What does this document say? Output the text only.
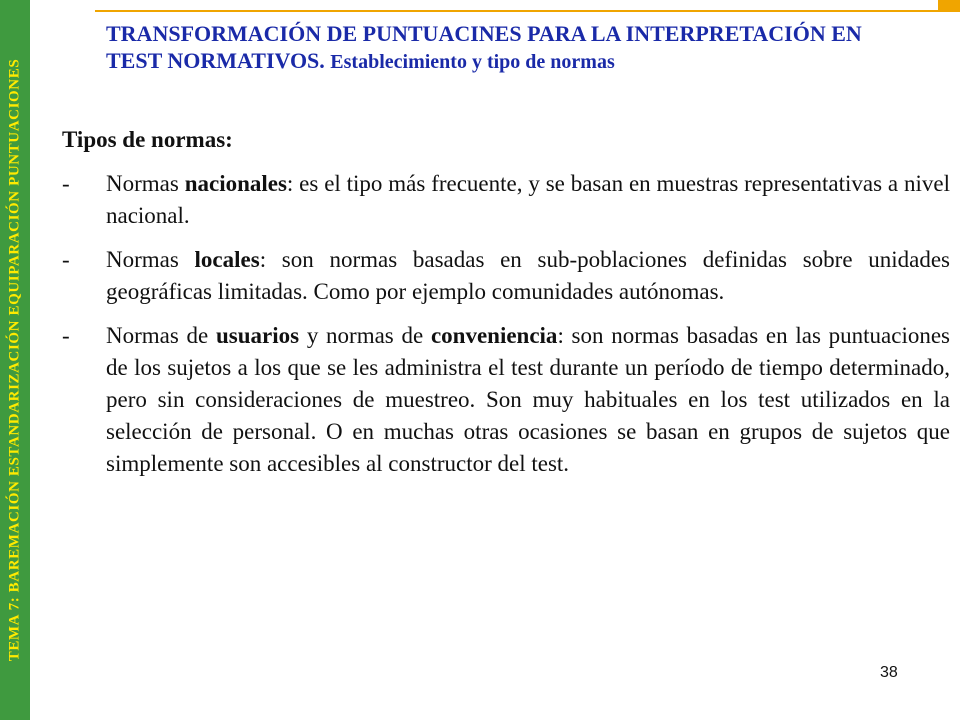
TEMA 7: BAREMACIÓN ESTANDARIZACIÓN EQUIPARACIÓN PUNTUACIONES
TRANSFORMACIÓN DE PUNTUACINES PARA LA INTERPRETACIÓN EN TEST NORMATIVOS. Establecimiento y tipo de normas
Tipos de normas:
-	Normas nacionales: es el tipo más frecuente, y se basan en muestras representativas a nivel nacional.
-	Normas locales: son normas basadas en sub-poblaciones definidas sobre unidades geográficas limitadas. Como por ejemplo comunidades autónomas.
-	Normas de usuarios y normas de conveniencia: son normas basadas en las puntuaciones de los sujetos a los que se les administra el test durante un período de tiempo determinado, pero sin consideraciones de muestreo. Son muy habituales en los test utilizados en la selección de personal. O en muchas otras ocasiones se basan en grupos de sujetos que simplemente son accesibles al constructor del test.
38
